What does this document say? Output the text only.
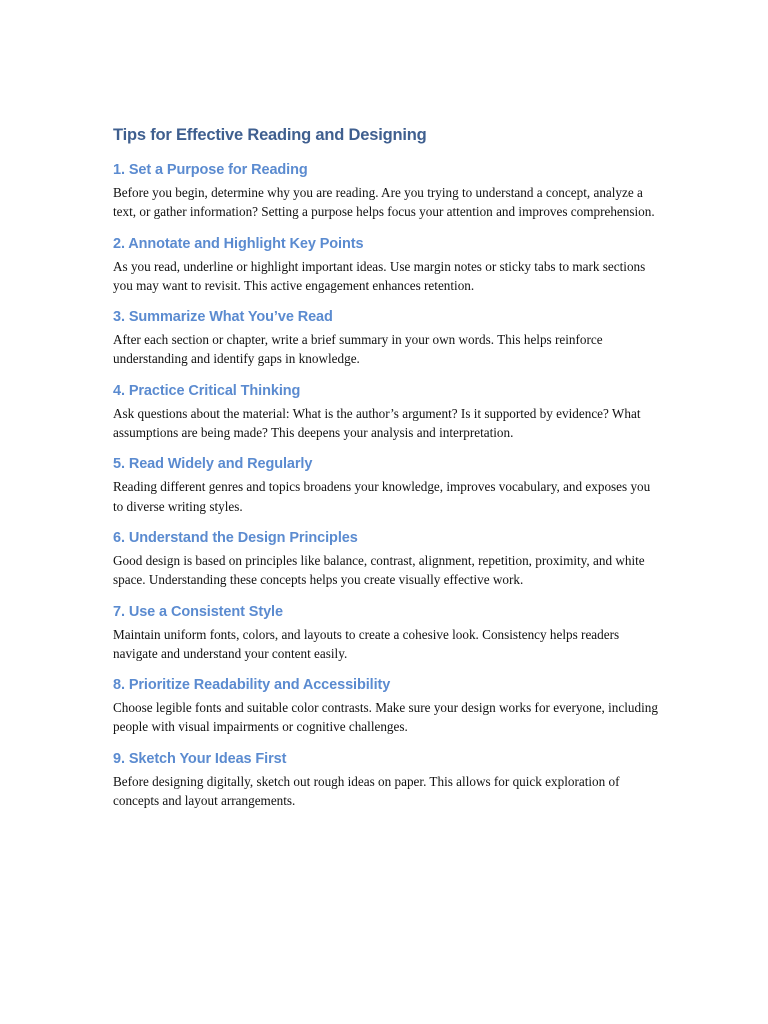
Tips for Effective Reading and Designing
1. Set a Purpose for Reading

Before you begin, determine why you are reading. Are you trying to understand a concept, analyze a text, or gather information? Setting a purpose helps focus your attention and improves comprehension.

2. Annotate and Highlight Key Points

As you read, underline or highlight important ideas. Use margin notes or sticky tabs to mark sections you may want to revisit. This active engagement enhances retention.

3. Summarize What You’ve Read

After each section or chapter, write a brief summary in your own words. This helps reinforce understanding and identify gaps in knowledge.

4. Practice Critical Thinking

Ask questions about the material: What is the author’s argument? Is it supported by evidence? What assumptions are being made? This deepens your analysis and interpretation.

5. Read Widely and Regularly

Reading different genres and topics broadens your knowledge, improves vocabulary, and exposes you to diverse writing styles.

6. Understand the Design Principles

Good design is based on principles like balance, contrast, alignment, repetition, proximity, and white space. Understanding these concepts helps you create visually effective work.

7. Use a Consistent Style

Maintain uniform fonts, colors, and layouts to create a cohesive look. Consistency helps readers navigate and understand your content easily.

8. Prioritize Readability and Accessibility

Choose legible fonts and suitable color contrasts. Make sure your design works for everyone, including people with visual impairments or cognitive challenges.

9. Sketch Your Ideas First

Before designing digitally, sketch out rough ideas on paper. This allows for quick exploration of concepts and layout arrangements.
